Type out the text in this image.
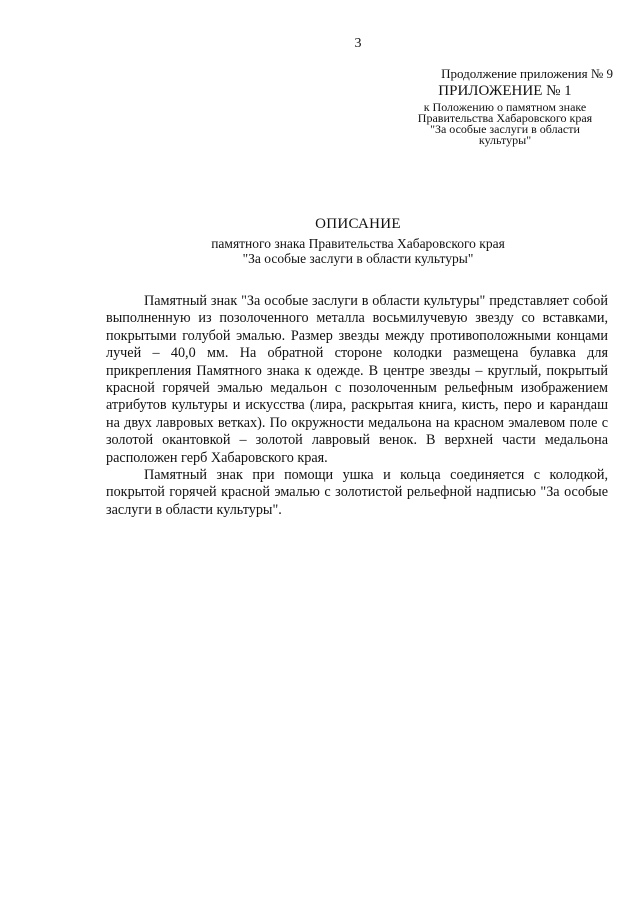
3
Продолжение приложения № 9
ПРИЛОЖЕНИЕ № 1
к Положению о памятном знаке
Правительства Хабаровского края
"За особые заслуги в области
культуры"
ОПИСАНИЕ
памятного знака Правительства Хабаровского края
"За особые заслуги в области культуры"

Памятный знак "За особые заслуги в области культуры" представляет собой выполненную из позолоченного металла восьмилучевую звезду со вставками, покрытыми голубой эмалью. Размер звезды между противоположными концами лучей – 40,0 мм. На обратной стороне колодки размещена булавка для прикрепления Памятного знака к одежде. В центре звезды – круглый, покрытый красной горячей эмалью медальон с позолоченным рельефным изображением атрибутов культуры и искусства (лира, раскрытая книга, кисть, перо и карандаш на двух лавровых ветках). По окружности медальона на красном эмалевом поле с золотой окантовкой – золотой лавровый венок. В верхней части медальона расположен герб Хабаровского края.

Памятный знак при помощи ушка и кольца соединяется с колодкой, покрытой горячей красной эмалью с золотистой рельефной надписью "За особые заслуги в области культуры".
